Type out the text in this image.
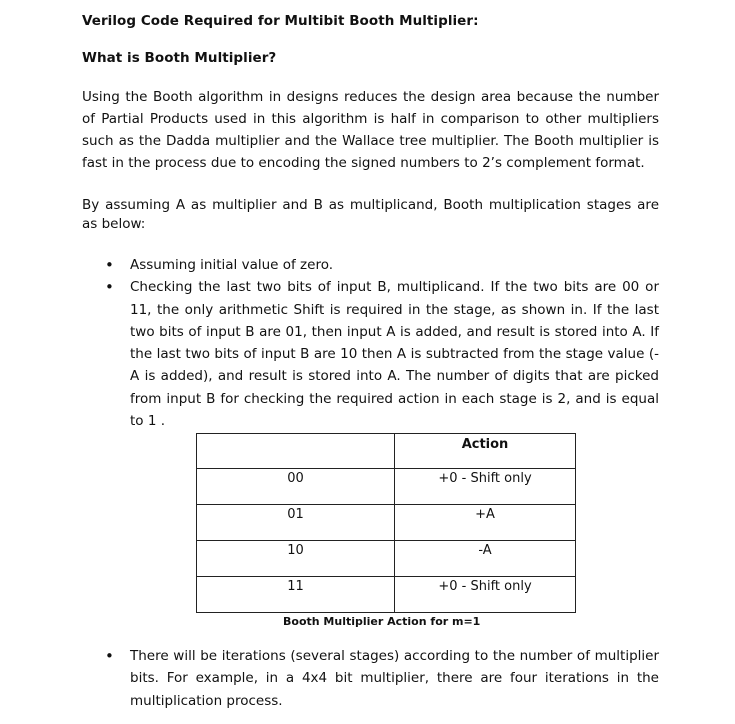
Verilog Code Required for Multibit Booth Multiplier:
What is Booth Multiplier?
Using the Booth algorithm in designs reduces the design area because the number of Partial Products used in this algorithm is half in comparison to other multipliers such as the Dadda multiplier and the Wallace tree multiplier. The Booth multiplier is fast in the process due to encoding the signed numbers to 2’s complement format.
By assuming A as multiplier and B as multiplicand, Booth multiplication stages are as below:
• Assuming initial value of zero.
• Checking the last two bits of input B, multiplicand. If the two bits are 00 or 11, the only arithmetic Shift is required in the stage, as shown in. If the last two bits of input B are 01, then input A is added, and result is stored into A. If the last two bits of input B are 10 then A is subtracted from the stage value (-A is added), and result is stored into A. The number of digits that are picked from input B for checking the required action in each stage is 2, and is equal to 1 .
	Action
00	+0 - Shift only
01	+A
10	-A
11	+0 - Shift only
Booth Multiplier Action for m=1
• There will be iterations (several stages) according to the number of multiplier bits. For example, in a 4x4 bit multiplier, there are four iterations in the multiplication process.
